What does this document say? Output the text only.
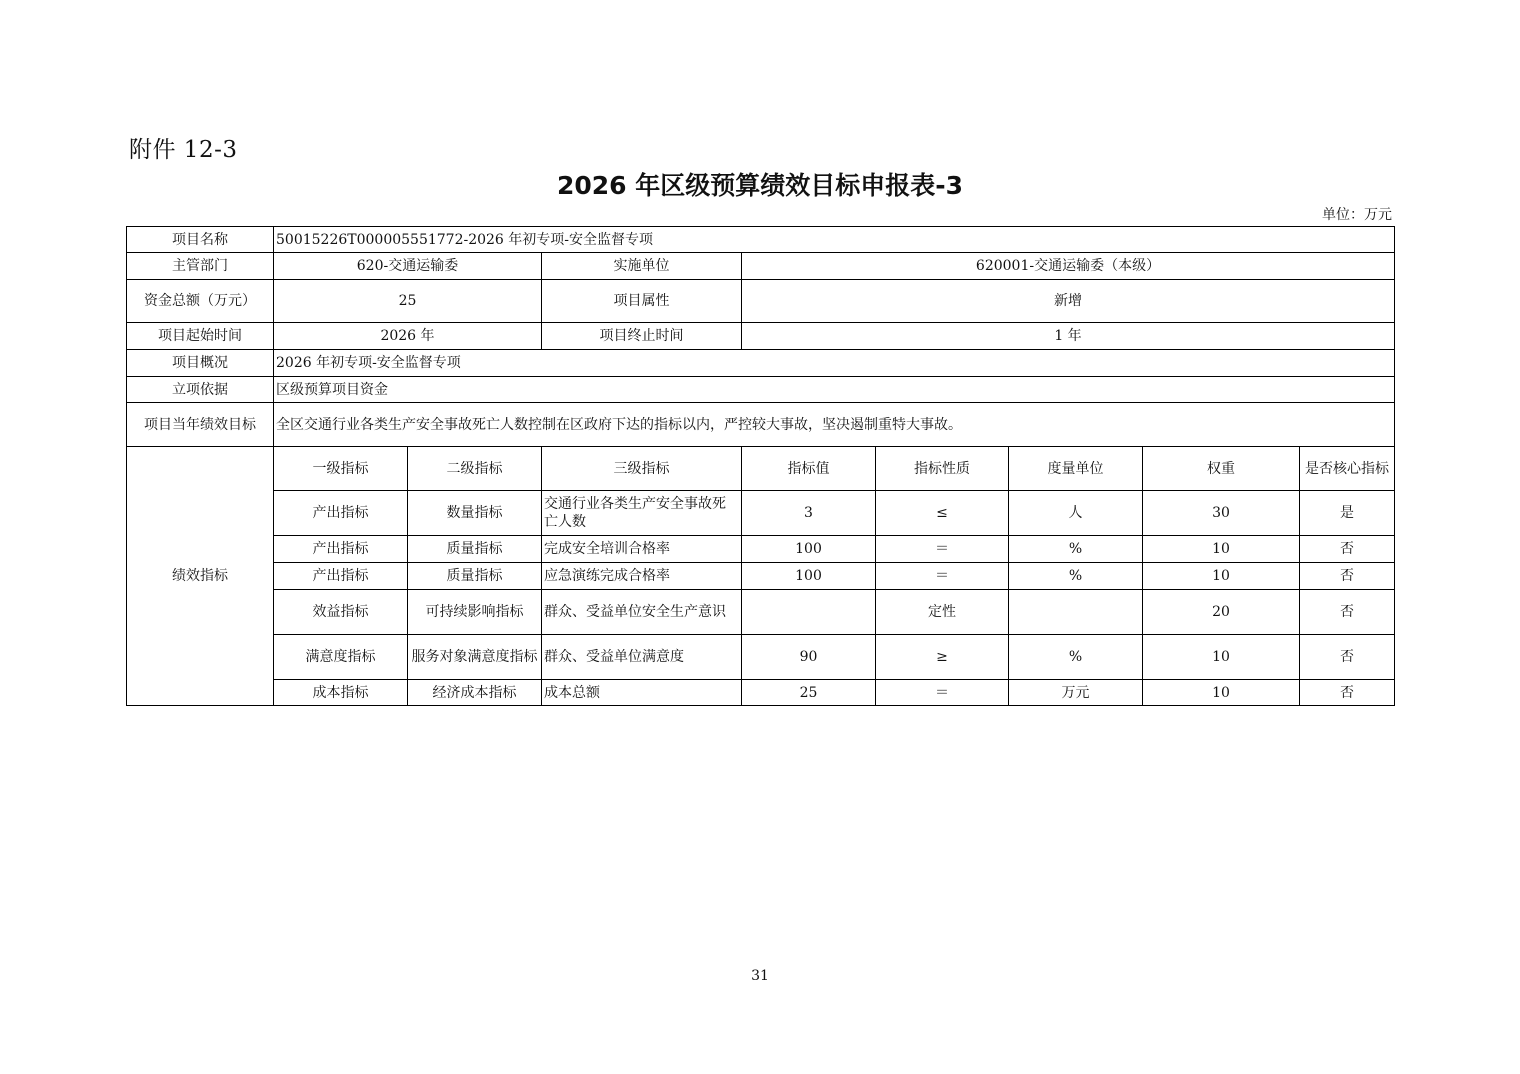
附件 12-3
2026 年区级预算绩效目标申报表-3
单位：万元
项目名称	50015226T000005551772-2026 年初专项-安全监督专项							
主管部门	620-交通运输委		实施单位	620001-交通运输委（本级）				
资金总额（万元）	25		项目属性	新增				
项目起始时间	2026 年		项目终止时间	1 年				
项目概况	2026 年初专项-安全监督专项							
立项依据	区级预算项目资金							
项目当年绩效目标	全区交通行业各类生产安全事故死亡人数控制在区政府下达的指标以内，严控较大事故，坚决遏制重特大事故。							
绩效指标	一级指标	二级指标	三级指标	指标值	指标性质	度量单位	权重	是否核心指标
	产出指标	数量指标	交通行业各类生产安全事故死亡人数	3	≤	人	30	是
	产出指标	质量指标	完成安全培训合格率	100	＝	%	10	否
	产出指标	质量指标	应急演练完成合格率	100	＝	%	10	否
	效益指标	可持续影响指标	群众、受益单位安全生产意识		定性		20	否
	满意度指标	服务对象满意度指标	群众、受益单位满意度	90	≥	%	10	否
	成本指标	经济成本指标	成本总额	25	＝	万元	10	否
31
